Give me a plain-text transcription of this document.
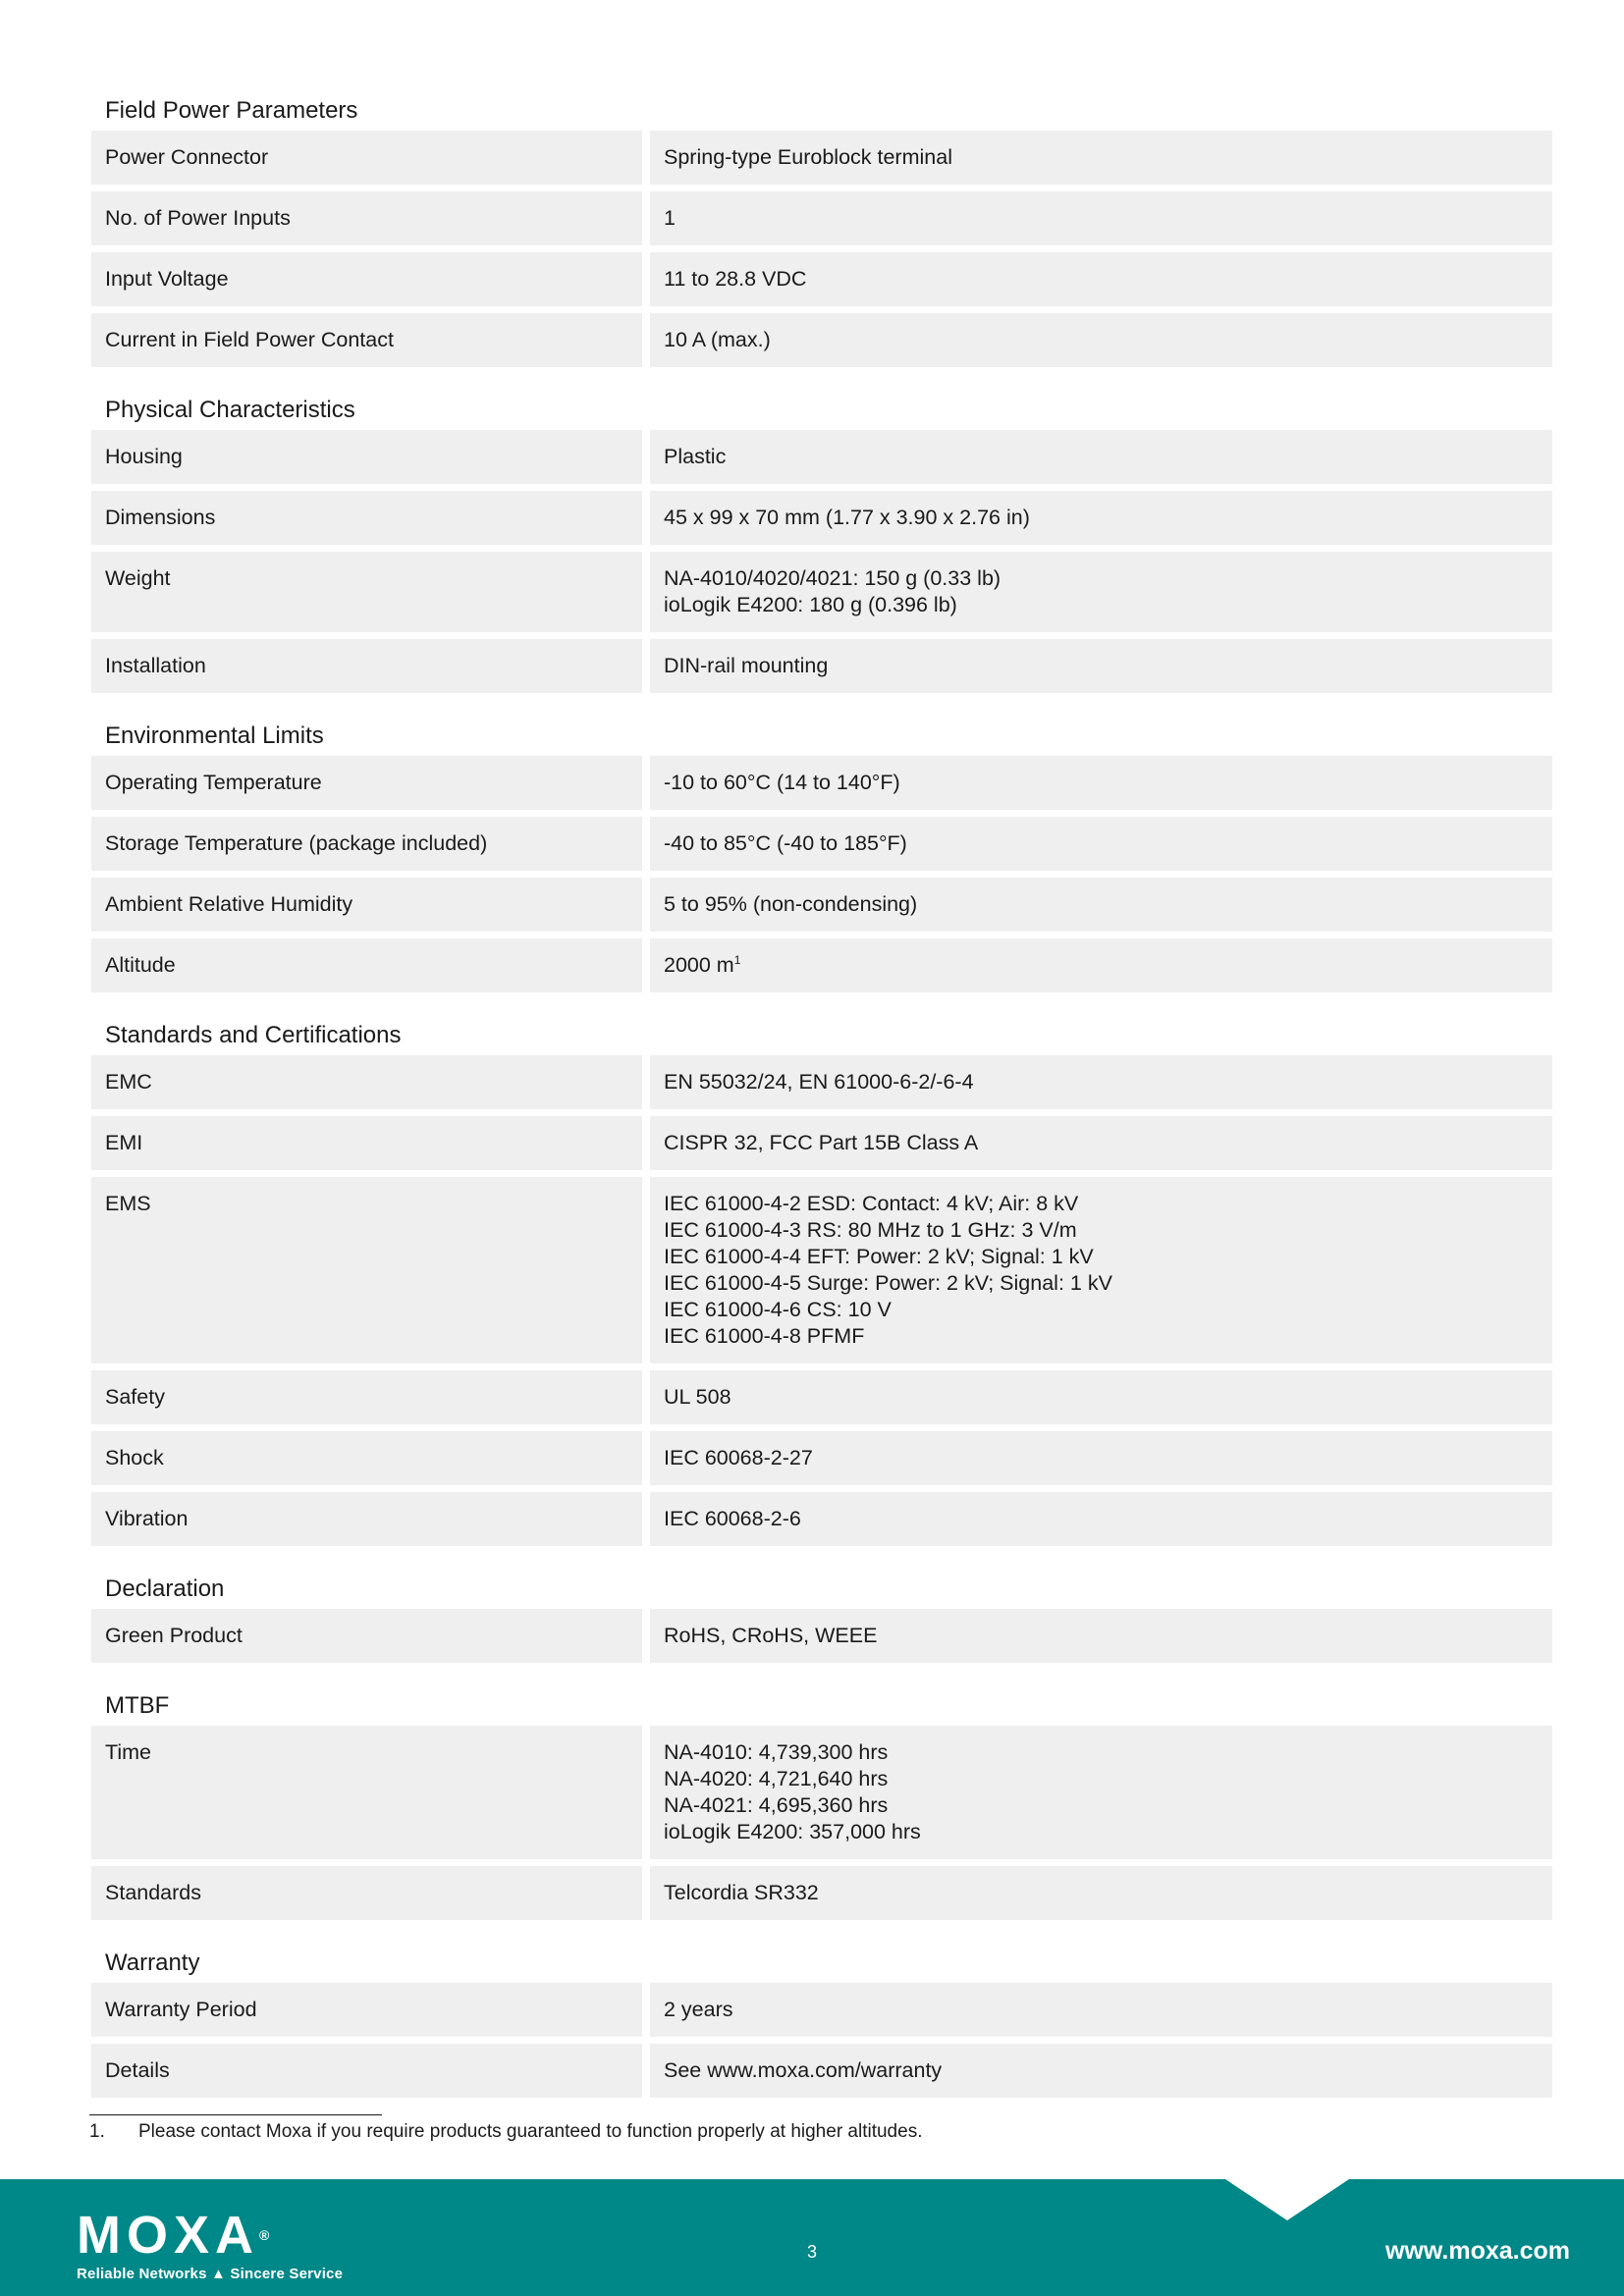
Field Power Parameters
Power Connector	Spring-type Euroblock terminal
No. of Power Inputs	1
Input Voltage	11 to 28.8 VDC
Current in Field Power Contact	10 A (max.)
Physical Characteristics
Housing	Plastic
Dimensions	45 x 99 x 70 mm (1.77 x 3.90 x 2.76 in)
Weight	NA-4010/4020/4021: 150 g (0.33 lb)
ioLogik E4200: 180 g (0.396 lb)
Installation	DIN-rail mounting
Environmental Limits
Operating Temperature	-10 to 60°C (14 to 140°F)
Storage Temperature (package included)	-40 to 85°C (-40 to 185°F)
Ambient Relative Humidity	5 to 95% (non-condensing)
Altitude	2000 $m^1$
Standards and Certifications
EMC	EN 55032/24, EN 61000-6-2/-6-4
EMI	CISPR 32, FCC Part 15B Class A
EMS	IEC 61000-4-2 ESD: Contact: 4 kV; Air: 8 kV
IEC 61000-4-3 RS: 80 MHz to 1 GHz: 3 V/m
IEC 61000-4-4 EFT: Power: 2 kV; Signal: 1 kV
IEC 61000-4-5 Surge: Power: 2 kV; Signal: 1 kV
IEC 61000-4-6 CS: 10 V
IEC 61000-4-8 PFMF
Safety	UL 508
Shock	IEC 60068-2-27
Vibration	IEC 60068-2-6
Declaration
Green Product	RoHS, CRoHS, WEEE
MTBF
Time	NA-4010: 4,739,300 hrs
NA-4020: 4,721,640 hrs
NA-4021: 4,695,360 hrs
ioLogik E4200: 357,000 hrs
Standards	Telcordia SR332
Warranty
Warranty Period	2 years
Details	See www.moxa.com/warranty
1.	Please contact Moxa if you require products guaranteed to function properly at higher altitudes.
MOXA®
Reliable Networks ▲ Sincere Service
3	www.moxa.com
